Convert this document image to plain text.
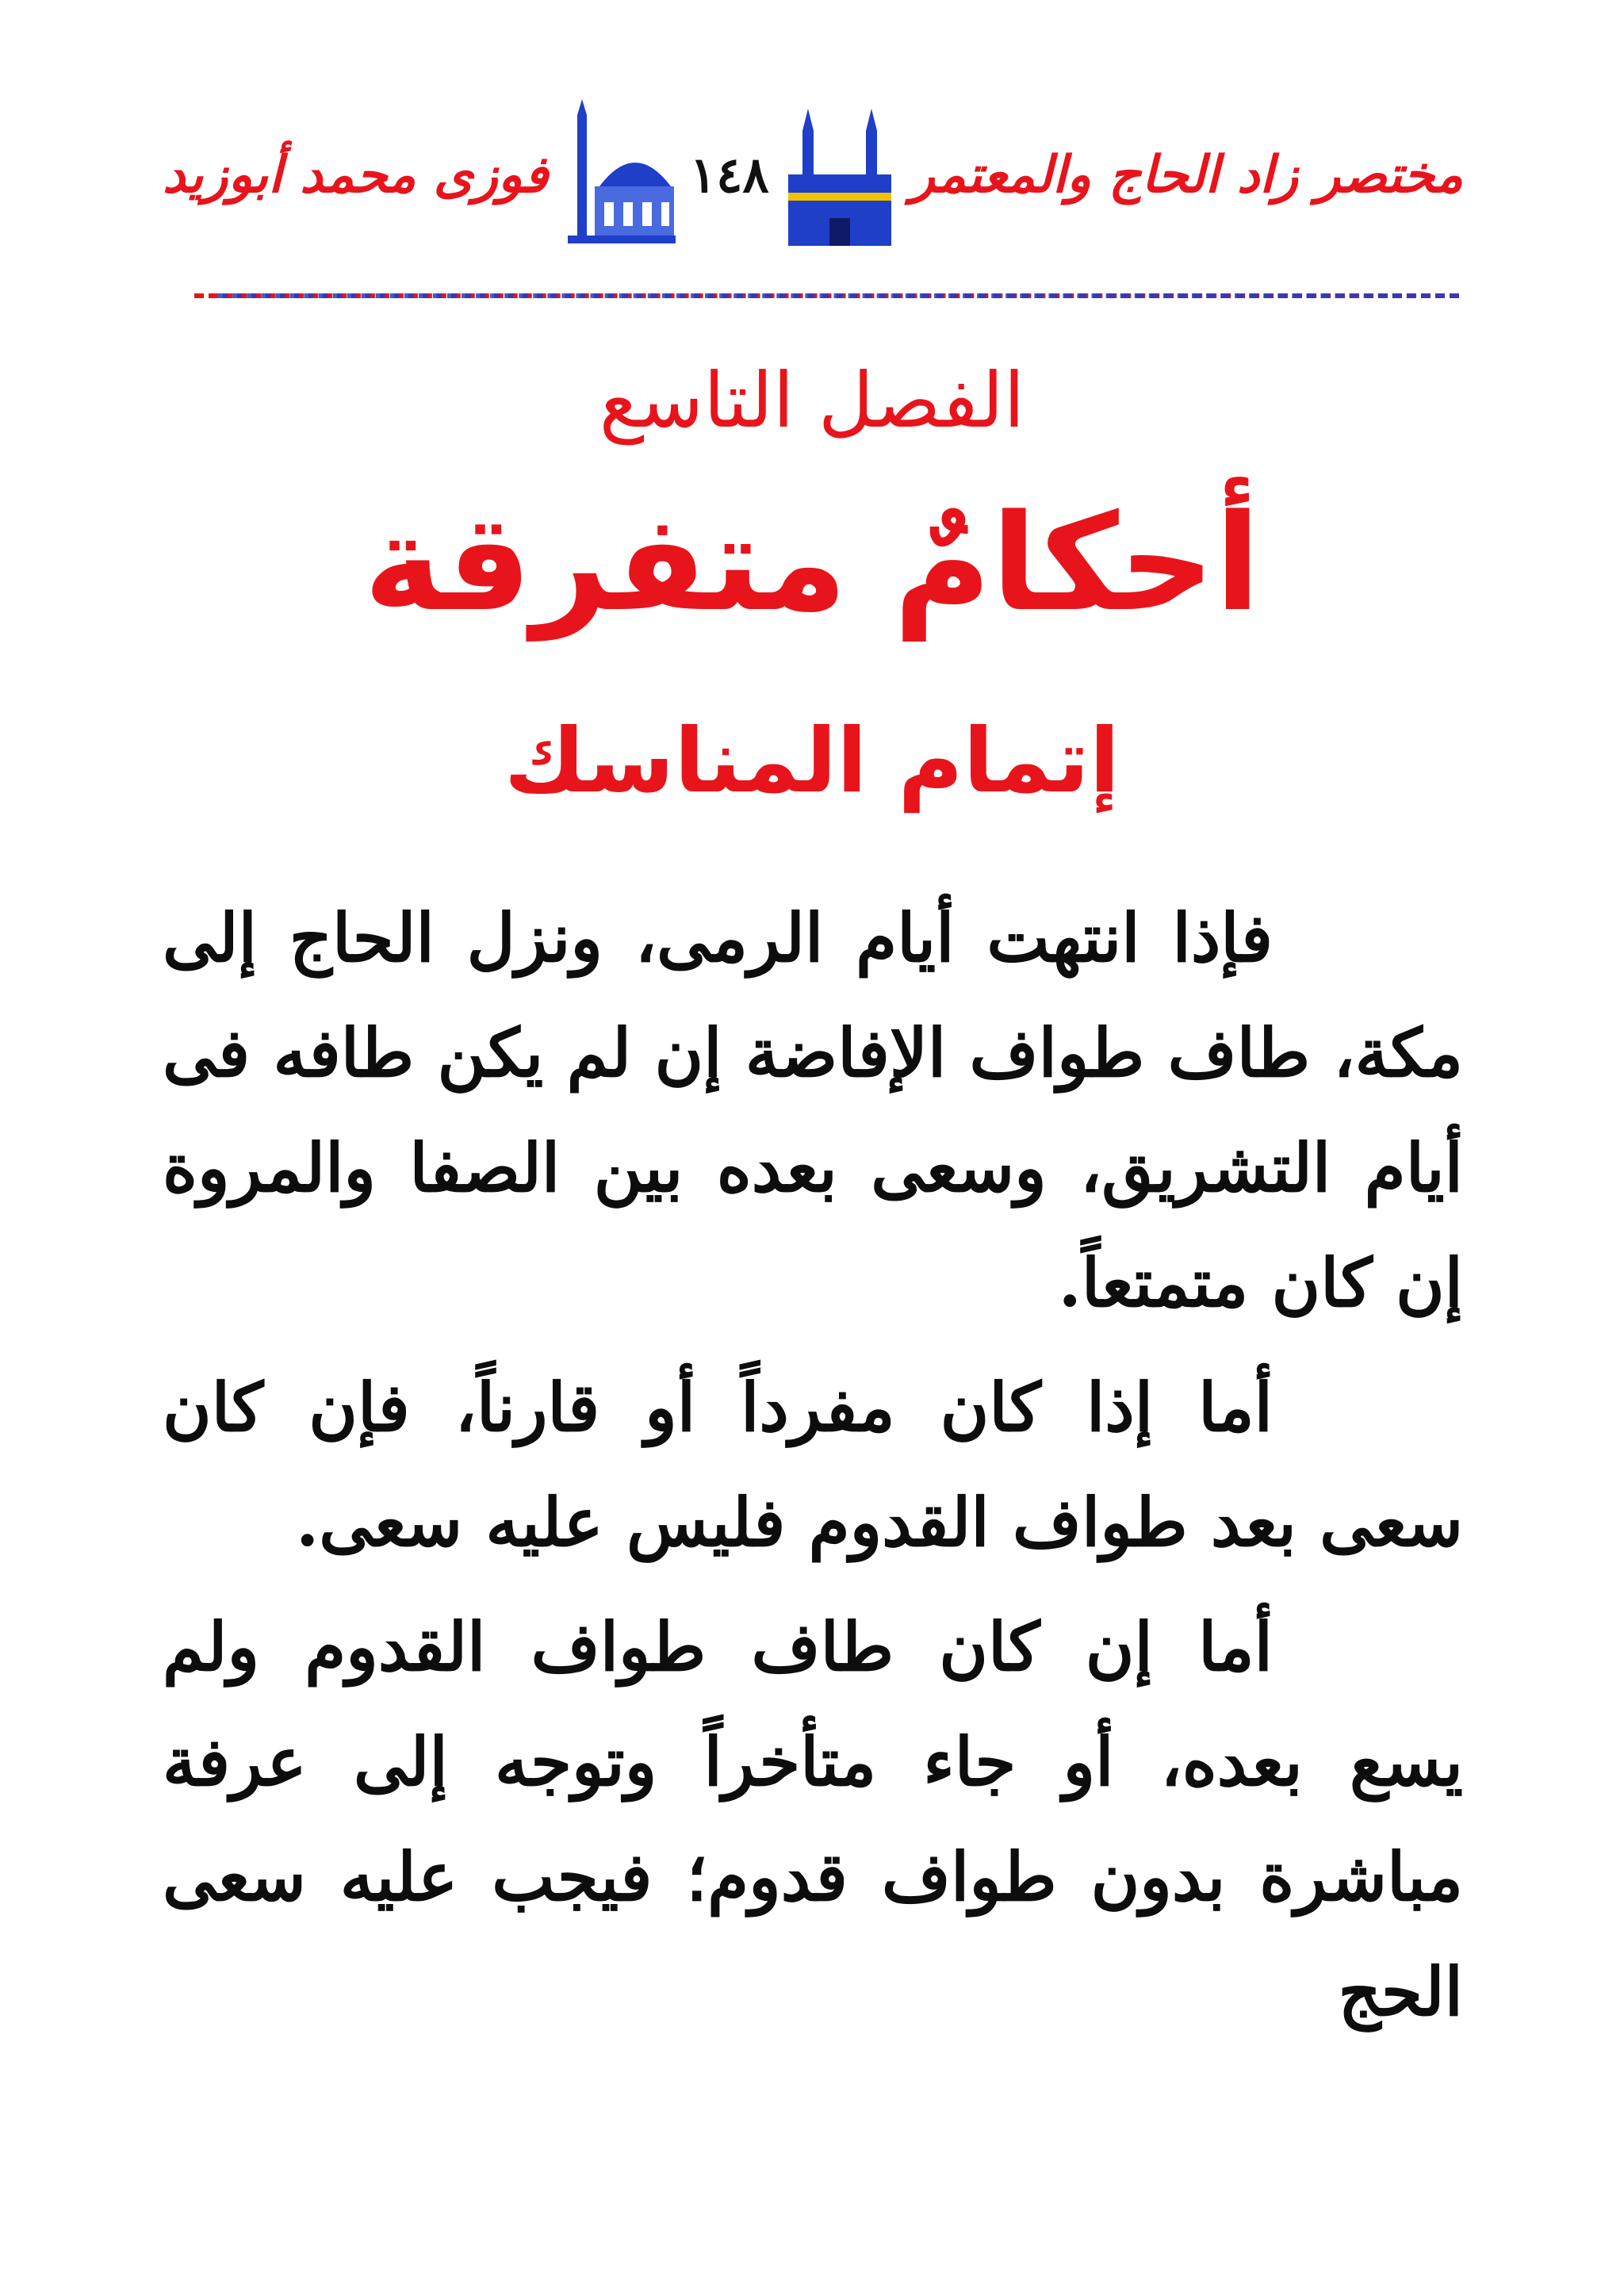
مختصر زاد الحاج والمعتمر
١٤٨
فوزى محمد أبوزيد
الفصل التاسع
أحكامٌ متفرقة
إتمام المناسك

فإذا انتهت أيام الرمى، ونزل الحاج إلى مكة، طاف طواف الإفاضة إن لم يكن طافه فى أيام التشريق، وسعى بعده بين الصفا والمروة إن كان متمتعاً.

أما إذا كان مفرداً أو قارناً، فإن كان سعى بعد طواف القدوم فليس عليه سعى.

أما إن كان طاف طواف القدوم ولم يسع بعده، أو جاء متأخراً وتوجه إلى عرفة مباشرة بدون طواف قدوم؛ فيجب عليه سعى الحج
